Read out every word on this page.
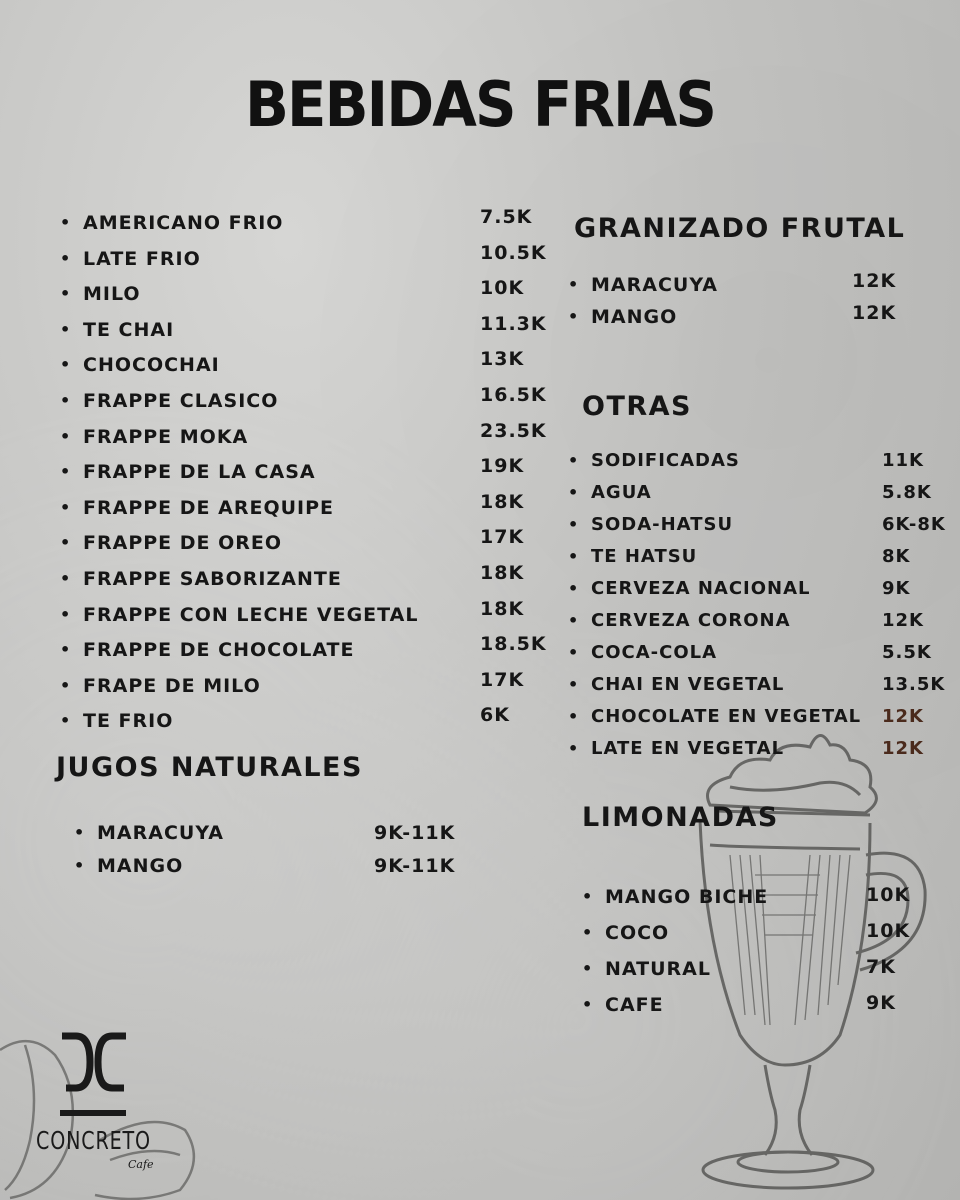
BEBIDAS FRIAS
• AMERICANO FRIO	7.5K
• LATE FRIO	10.5K
• MILO	10K
• TE CHAI	11.3K
• CHOCOCHAI	13K
• FRAPPE CLASICO	16.5K
• FRAPPE MOKA	23.5K
• FRAPPE DE LA CASA	19K
• FRAPPE DE AREQUIPE	18K
• FRAPPE DE OREO	17K
• FRAPPE SABORIZANTE	18K
• FRAPPE CON LECHE VEGETAL	18K
• FRAPPE DE CHOCOLATE	18.5K
• FRAPE DE MILO	17K
• TE FRIO	6K
JUGOS NATURALES
• MARACUYA	9K-11K
• MANGO	9K-11K
GRANIZADO FRUTAL
• MARACUYA	12K
• MANGO	12K
OTRAS
• SODIFICADAS	11K
• AGUA	5.8K
• SODA-HATSU	6K-8K
• TE HATSU	8K
• CERVEZA NACIONAL	9K
• CERVEZA CORONA	12K
• COCA-COLA	5.5K
• CHAI EN VEGETAL	13.5K
• CHOCOLATE EN VEGETAL 12K
• LATE EN VEGETAL	12K
LIMONADAS
• MANGO BICHE	10K
• COCO	10K
• NATURAL	7K
• CAFE	9K
CONCRETO
Cafe
